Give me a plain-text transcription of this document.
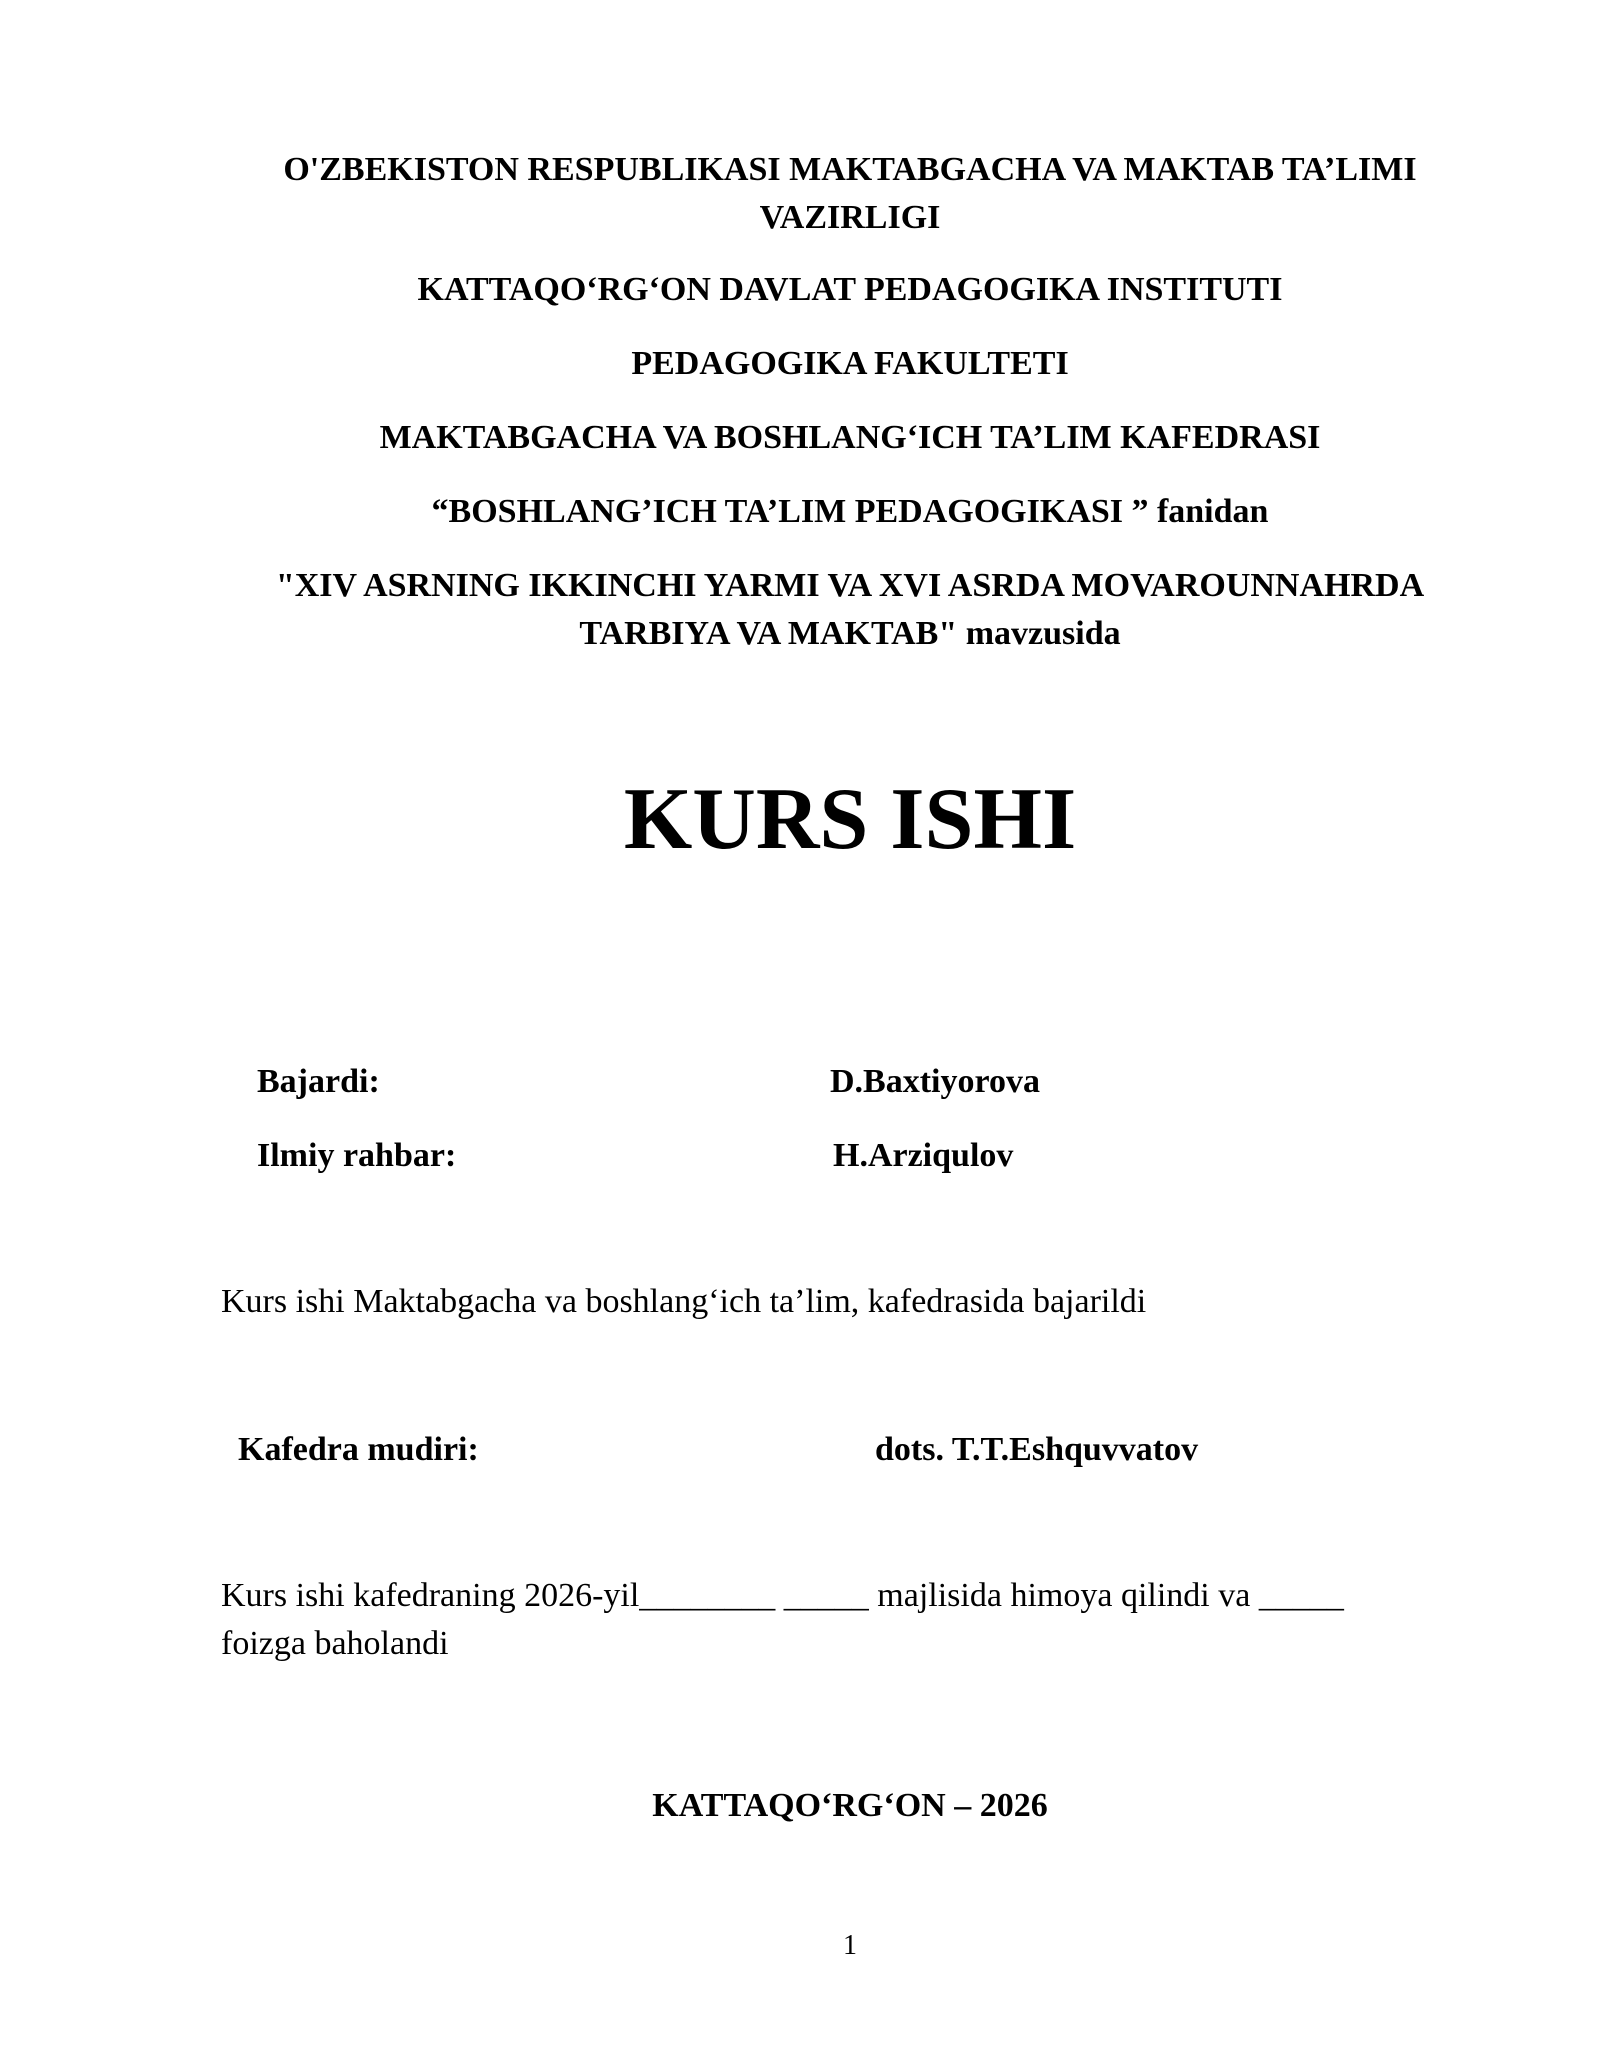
O'ZBEKISTON RESPUBLIKASI MAKTABGACHA VA MAKTAB TA’LIMI
VAZIRLIGI
KATTAQO‘RG‘ON DAVLAT PEDAGOGIKA INSTITUTI
PEDAGOGIKA FAKULTETI
MAKTABGACHA VA BOSHLANG‘ICH TA’LIM KAFEDRASI
“BOSHLANG’ICH TA’LIM PEDAGOGIKASI ” fanidan
"XIV ASRNING IKKINCHI YARMI VA XVI ASRDA MOVAROUNNAHRDA
TARBIYA VA MAKTAB" mavzusida
KURS ISHI
Bajardi:	D.Baxtiyorova
Ilmiy rahbar:	H.Arziqulov
Kurs ishi Maktabgacha va boshlang‘ich ta’lim, kafedrasida bajarildi
Kafedra mudiri:	dots. T.T.Eshquvvatov
Kurs ishi kafedraning 2026-yil________ _____ majlisida himoya qilindi va _____
foizga baholandi
KATTAQO‘RG‘ON – 2026
1
